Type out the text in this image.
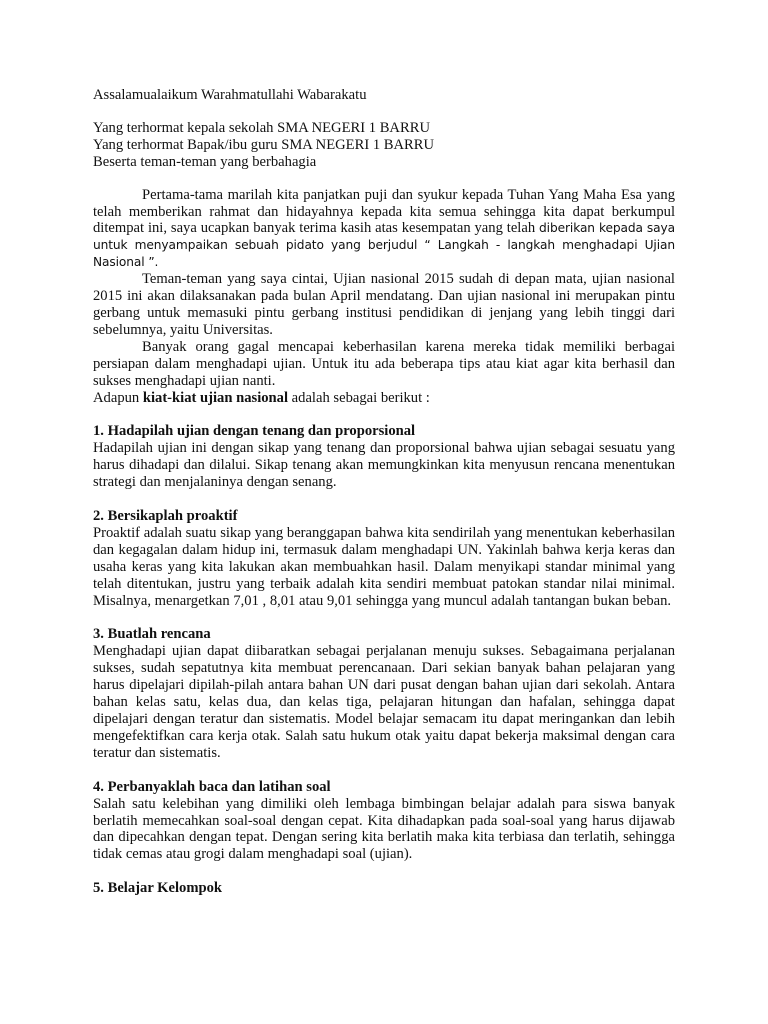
Assalamualaikum Warahmatullahi Wabarakatu
Yang terhormat kepala sekolah SMA NEGERI 1 BARRU
Yang terhormat Bapak/ibu guru SMA NEGERI 1 BARRU
Beserta teman-teman yang berbahagia
Pertama-tama marilah kita panjatkan puji dan syukur kepada Tuhan Yang Maha Esa yang telah memberikan rahmat dan hidayahnya kepada kita semua sehingga kita dapat berkumpul ditempat ini, saya ucapkan banyak terima kasih atas kesempatan yang telah diberikan kepada saya untuk menyampaikan sebuah pidato yang berjudul “ Langkah - langkah menghadapi Ujian Nasional ”.
Teman-teman yang saya cintai, Ujian nasional 2015 sudah di depan mata, ujian nasional 2015 ini akan dilaksanakan pada bulan April mendatang. Dan ujian nasional ini merupakan pintu gerbang untuk memasuki pintu gerbang institusi pendidikan di jenjang yang lebih tinggi dari sebelumnya, yaitu Universitas.
Banyak orang gagal mencapai keberhasilan karena mereka tidak memiliki berbagai persiapan dalam menghadapi ujian. Untuk itu ada beberapa tips atau kiat agar kita berhasil dan sukses menghadapi ujian nanti.
Adapun kiat-kiat ujian nasional adalah sebagai berikut :
1. Hadapilah ujian dengan tenang dan proporsional
Hadapilah ujian ini dengan sikap yang tenang dan proporsional bahwa ujian sebagai sesuatu yang harus dihadapi dan dilalui. Sikap tenang akan memungkinkan kita menyusun rencana menentukan strategi dan menjalaninya dengan senang.
2. Bersikaplah proaktif
Proaktif adalah suatu sikap yang beranggapan bahwa kita sendirilah yang menentukan keberhasilan dan kegagalan dalam hidup ini, termasuk dalam menghadapi UN. Yakinlah bahwa kerja keras dan usaha keras yang kita lakukan akan membuahkan hasil. Dalam menyikapi standar minimal yang telah ditentukan, justru yang terbaik adalah kita sendiri membuat patokan standar nilai minimal. Misalnya, menargetkan 7,01 , 8,01 atau 9,01 sehingga yang muncul adalah tantangan bukan beban.
3. Buatlah rencana
Menghadapi ujian dapat diibaratkan sebagai perjalanan menuju sukses. Sebagaimana perjalanan sukses, sudah sepatutnya kita membuat perencanaan. Dari sekian banyak bahan pelajaran yang harus dipelajari dipilah-pilah antara bahan UN dari pusat dengan bahan ujian dari sekolah. Antara bahan kelas satu, kelas dua, dan kelas tiga, pelajaran hitungan dan hafalan, sehingga dapat dipelajari dengan teratur dan sistematis. Model belajar semacam itu dapat meringankan dan lebih mengefektifkan cara kerja otak. Salah satu hukum otak yaitu dapat bekerja maksimal dengan cara teratur dan sistematis.
4. Perbanyaklah baca dan latihan soal
Salah satu kelebihan yang dimiliki oleh lembaga bimbingan belajar adalah para siswa banyak berlatih memecahkan soal-soal dengan cepat. Kita dihadapkan pada soal-soal yang harus dijawab dan dipecahkan dengan tepat. Dengan sering kita berlatih maka kita terbiasa dan terlatih, sehingga tidak cemas atau grogi dalam menghadapi soal (ujian).
5. Belajar Kelompok
